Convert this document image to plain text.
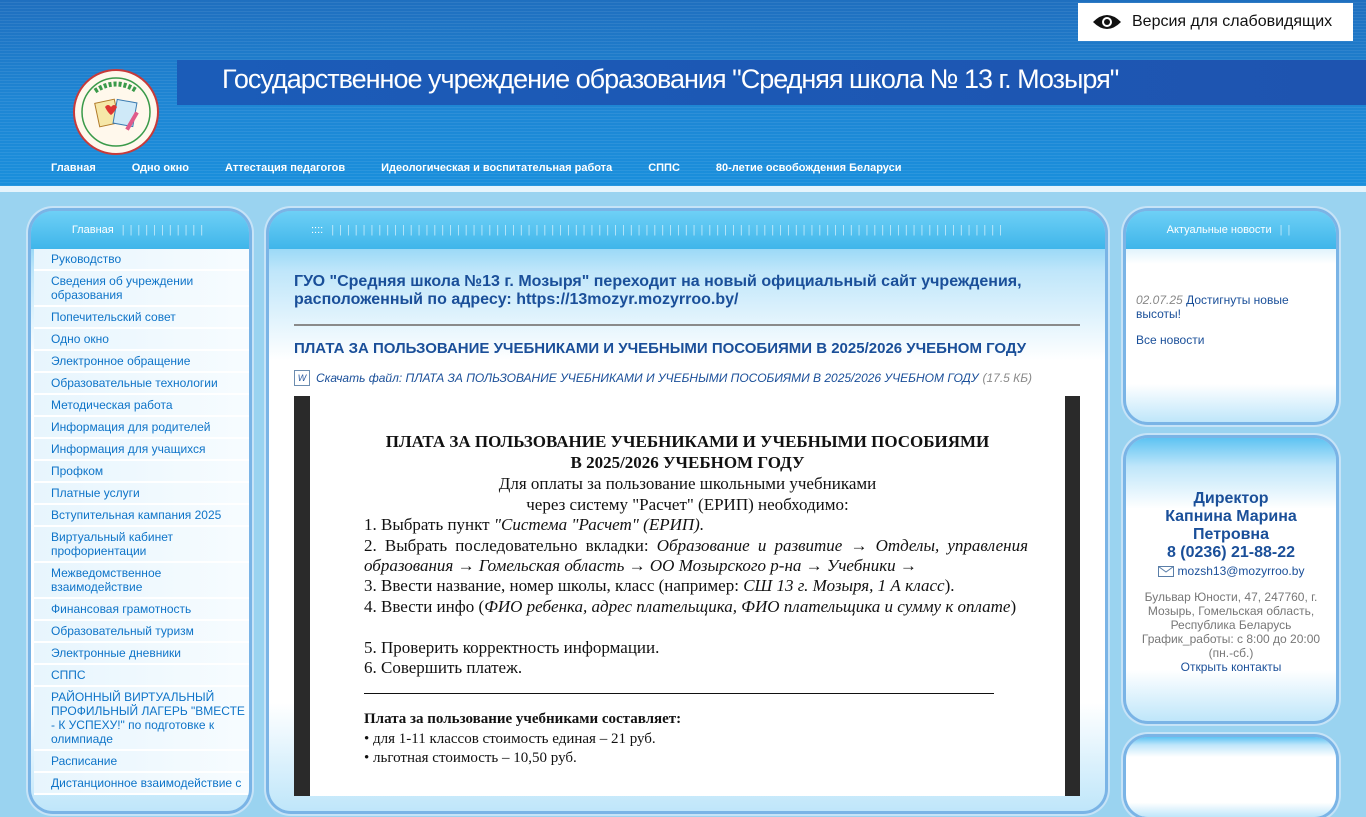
Версия для слабовидящих
Государственное учреждение образования "Средняя школа № 13 г. Мозыря"
Главная	Одно окно	Аттестация педагогов	Идеологическая и воспитательная работа	СППС	80-летие освобождения Беларуси
Главная |||||||||||
Руководство
Сведения об учреждении образования
Попечительский совет
Одно окно
Электронное обращение
Образовательные технологии
Методическая работа
Информация для родителей
Информация для учащихся
Профком
Платные услуги
Вступительная кампания 2025
Виртуальный кабинет профориентации
Межведомственное взаимодействие
Финансовая грамотность
Образовательный туризм
Электронные дневники
СППС
РАЙОННЫЙ ВИРТУАЛЬНЫЙ ПРОФИЛЬНЫЙ ЛАГЕРЬ "ВМЕСТЕ - К УСПЕХУ!" по подготовке к олимпиаде
Расписание
Дистанционное взаимодействие с
:::: ||||||||||||||||||||||||||||||||||||||||||||||||||||||||||||||||||||||||||||||||||||||

ГУО "Средняя школа №13 г. Мозыря" переходит на новый официальный сайт учреждения, расположенный по адресу: https://13mozyr.mozyrroo.by/

ПЛАТА ЗА ПОЛЬЗОВАНИЕ УЧЕБНИКАМИ И УЧЕБНЫМИ ПОСОБИЯМИ В 2025/2026 УЧЕБНОМ ГОДУ
W Скачать файл: ПЛАТА ЗА ПОЛЬЗОВАНИЕ УЧЕБНИКАМИ И УЧЕБНЫМИ ПОСОБИЯМИ В 2025/2026 УЧЕБНОМ ГОДУ (17.5 КБ)
ПЛАТА ЗА ПОЛЬЗОВАНИЕ УЧЕБНИКАМИ И УЧЕБНЫМИ ПОСОБИЯМИ
В 2025/2026 УЧЕБНОМ ГОДУ
Для оплаты за пользование школьными учебниками
через систему "Расчет" (ЕРИП) необходимо:
1. Выбрать пункт "Система "Расчет" (ЕРИП).
2. Выбрать последовательно вкладки: Образование и развитие → Отделы, управления образования → Гомельская область → ОО Мозырского р-на → Учебники →
3. Ввести название, номер школы, класс (например: СШ 13 г. Мозыря, 1 А класс).
4. Ввести инфо (ФИО ребенка, адрес плательщика, ФИО плательщика и сумму к оплате)
5. Проверить корректность информации.
6. Совершить платеж.
Плата за пользование учебниками составляет:
• для 1-11 классов стоимость единая – 21 руб.
• льготная стоимость – 10,50 руб.
Актуальные новости ||
02.07.25 Достигнуты новые высоты!
Все новости
Директор
Капнина Марина Петровна
8 (0236) 21-88-22
mozsh13@mozyrroo.by
Бульвар Юности, 47, 247760, г. Мозырь, Гомельская область, Республика Беларусь
График_работы: с 8:00 до 20:00 (пн.-сб.)
Открыть контакты
